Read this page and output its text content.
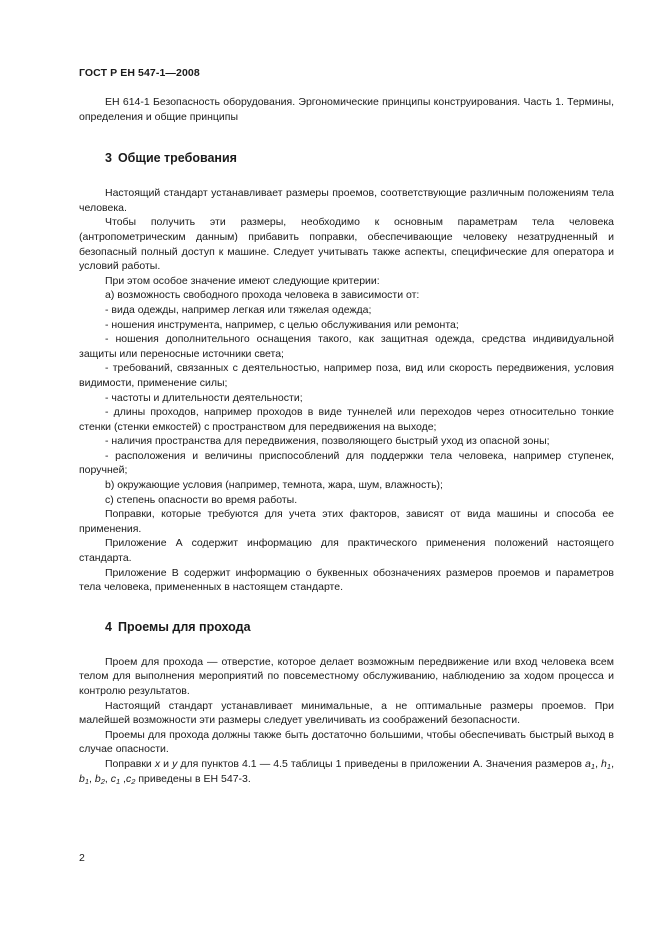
ГОСТ Р ЕН 547-1—2008

ЕН 614-1 Безопасность оборудования. Эргономические принципы конструирования. Часть 1. Термины, определения и общие принципы

3 Общие требования

Настоящий стандарт устанавливает размеры проемов, соответствующие различным положениям тела человека.

Чтобы получить эти размеры, необходимо к основным параметрам тела человека (антропометрическим данным) прибавить поправки, обеспечивающие человеку незатрудненный и безопасный полный доступ к машине. Следует учитывать также аспекты, специфические для оператора и условий работы.

При этом особое значение имеют следующие критерии:

а) возможность свободного прохода человека в зависимости от:

- вида одежды, например легкая или тяжелая одежда;

- ношения инструмента, например, с целью обслуживания или ремонта;

- ношения дополнительного оснащения такого, как защитная одежда, средства индивидуальной защиты или переносные источники света;

- требований, связанных с деятельностью, например поза, вид или скорость передвижения, условия видимости, применение силы;

- частоты и длительности деятельности;

- длины проходов, например проходов в виде туннелей или переходов через относительно тонкие стенки (стенки емкостей) с пространством для передвижения на выходе;

- наличия пространства для передвижения, позволяющего быстрый уход из опасной зоны;

- расположения и величины приспособлений для поддержки тела человека, например ступенек, поручней;

b) окружающие условия (например, темнота, жара, шум, влажность);

с) степень опасности во время работы.

Поправки, которые требуются для учета этих факторов, зависят от вида машины и способа ее применения.

Приложение А содержит информацию для практического применения положений настоящего стандарта.

Приложение В содержит информацию о буквенных обозначениях размеров проемов и параметров тела человека, примененных в настоящем стандарте.

4 Проемы для прохода

Проем для прохода — отверстие, которое делает возможным передвижение или вход человека всем телом для выполнения мероприятий по повсеместному обслуживанию, наблюдению за ходом процесса и контролю результатов.

Настоящий стандарт устанавливает минимальные, а не оптимальные размеры проемов. При малейшей возможности эти размеры следует увеличивать из соображений безопасности.

Проемы для прохода должны также быть достаточно большими, чтобы обеспечивать быстрый выход в случае опасности.

Поправки x и y для пунктов 4.1 — 4.5 таблицы 1 приведены в приложении А. Значения размеров $a_1$, $h_1$, $b_1$, $b_2$, $c_1$ $,c_2$ приведены в ЕН 547-3.

2
